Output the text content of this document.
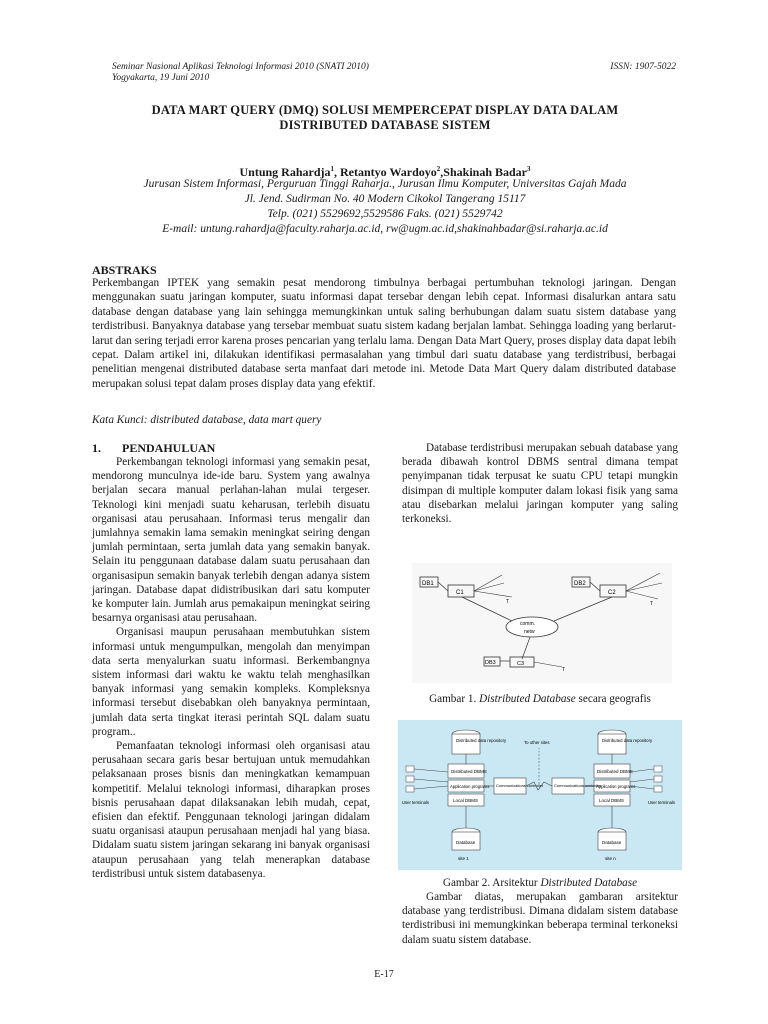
Seminar Nasional Aplikasi Teknologi Informasi 2010 (SNATI 2010)
Yogyakarta, 19 Juni 2010
ISSN: 1907-5022
DATA MART QUERY (DMQ) SOLUSI MEMPERCEPAT DISPLAY DATA DALAM
DISTRIBUTED DATABASE SISTEM
Untung Rahardja$^1$, Retantyo Wardoyo$^2$,Shakinah Badar$^3$
Jurusan Sistem Informasi, Perguruan Tinggi Raharja., Jurusan Ilmu Komputer, Universitas Gajah Mada
Jl. Jend. Sudirman No. 40 Modern Cikokol Tangerang 15117
Telp. (021) 5529692,5529586 Faks. (021) 5529742
E-mail: untung.rahardja@faculty.raharja.ac.id, rw@ugm.ac.id,shakinahbadar@si.raharja.ac.id
ABSTRAKS
Perkembangan IPTEK yang semakin pesat mendorong timbulnya berbagai pertumbuhan teknologi jaringan. Dengan menggunakan suatu jaringan komputer, suatu informasi dapat tersebar dengan lebih cepat. Informasi disalurkan antara satu database dengan database yang lain sehingga memungkinkan untuk saling berhubungan dalam suatu sistem database yang terdistribusi. Banyaknya database yang tersebar membuat suatu sistem kadang berjalan lambat. Sehingga loading yang berlarut-larut dan sering terjadi error karena proses pencarian yang terlalu lama. Dengan Data Mart Query, proses display data dapat lebih cepat. Dalam artikel ini, dilakukan identifikasi permasalahan yang timbul dari suatu database yang terdistribusi, berbagai penelitian mengenai distributed database serta manfaat dari metode ini. Metode Data Mart Query dalam distributed database merupakan solusi tepat dalam proses display data yang efektif.
Kata Kunci: distributed database, data mart query
1. PENDAHULUAN

Perkembangan teknologi informasi yang semakin pesat, mendorong munculnya ide-ide baru. System yang awalnya berjalan secara manual perlahan-lahan mulai tergeser. Teknologi kini menjadi suatu keharusan, terlebih disuatu organisasi atau perusahaan. Informasi terus mengalir dan jumlahnya semakin lama semakin meningkat seiring dengan jumlah permintaan, serta jumlah data yang semakin banyak. Selain itu penggunaan database dalam suatu perusahaan dan organisasipun semakin banyak terlebih dengan adanya sistem jaringan. Database dapat didistribusikan dari satu komputer ke komputer lain. Jumlah arus pemakaipun meningkat seiring besarnya organisasi atau perusahaan.

Organisasi maupun perusahaan membutuhkan sistem informasi untuk mengumpulkan, mengolah dan menyimpan data serta menyalurkan suatu informasi. Berkembangnya sistem informasi dari waktu ke waktu telah menghasilkan banyak informasi yang semakin kompleks. Kompleksnya informasi tersebut disebabkan oleh banyaknya permintaan, jumlah data serta tingkat iterasi perintah SQL dalam suatu program..

Pemanfaatan teknologi informasi oleh organisasi atau perusahaan secara garis besar bertujuan untuk memudahkan pelaksanaan proses bisnis dan meningkatkan kemampuan kompetitif. Melalui teknologi informasi, diharapkan proses bisnis perusahaan dapat dilaksanakan lebih mudah, cepat, efisien dan efektif. Penggunaan teknologi jaringan didalam suatu organisasi ataupun perusahaan menjadi hal yang biasa. Didalam suatu sistem jaringan sekarang ini banyak organisasi ataupun perusahaan yang telah menerapkan database terdistribusi untuk sistem databasenya.

Database terdistribusi merupakan sebuah database yang berada dibawah kontrol DBMS sentral dimana tempat penyimpanan tidak terpusat ke suatu CPU tetapi mungkin disimpan di multiple komputer dalam lokasi fisik yang sama atau disebarkan melalui jaringan komputer yang saling terkoneksi.

DB1
C1
T
DB2
C2
T
comm.
netw
DB3	C3
T
Gambar 1. Distributed Database secara geografis
Distributed data repository
Distributed DBMS
Application programs
Local DBMS
Database
site 1
User terminals
Distributed data repository
Distributed DBMS
Application programs
Local DBMS
Database
site n
User terminals
Communications controller	Communications controller
To other sites
Gambar 2. Arsitektur Distributed Database

Gambar diatas, merupakan gambaran arsitektur database yang terdistribusi. Dimana didalam sistem database terdistribusi ini memungkinkan beberapa terminal terkoneksi dalam suatu sistem database.

E-17
